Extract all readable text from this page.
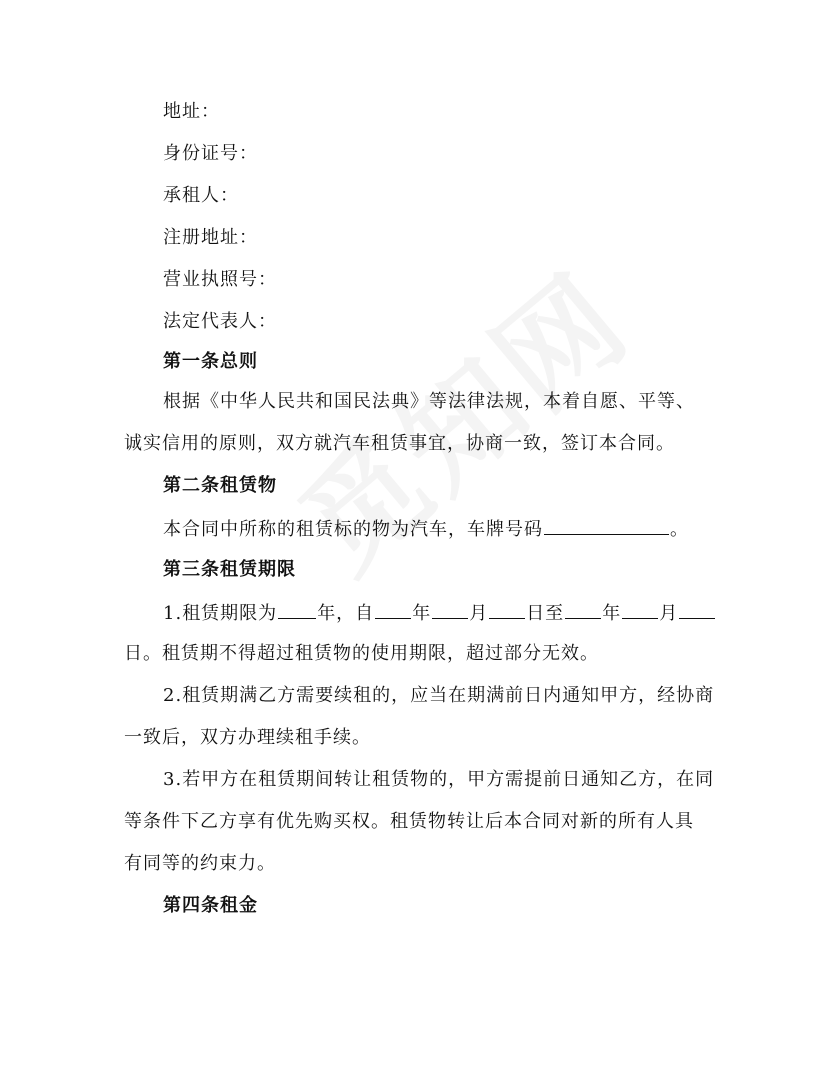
地址：
身份证号：
承租人：
注册地址：
营业执照号：
法定代表人：
第一条总则
根据《中华人民共和国民法典》等法律法规，本着自愿、平等、
诚实信用的原则，双方就汽车租赁事宜，协商一致，签订本合同。
第二条租赁物
本合同中所称的租赁标的物为汽车，车牌号码	。
第三条租赁期限
1.租赁期限为 年，自 年 月 日至 年 月
日。租赁期不得超过租赁物的使用期限，超过部分无效。
2.租赁期满乙方需要续租的，应当在期满前日内通知甲方，经协商
一致后，双方办理续租手续。
3.若甲方在租赁期间转让租赁物的，甲方需提前日通知乙方，在同
等条件下乙方享有优先购买权。租赁物转让后本合同对新的所有人具
有同等的约束力。
第四条租金
